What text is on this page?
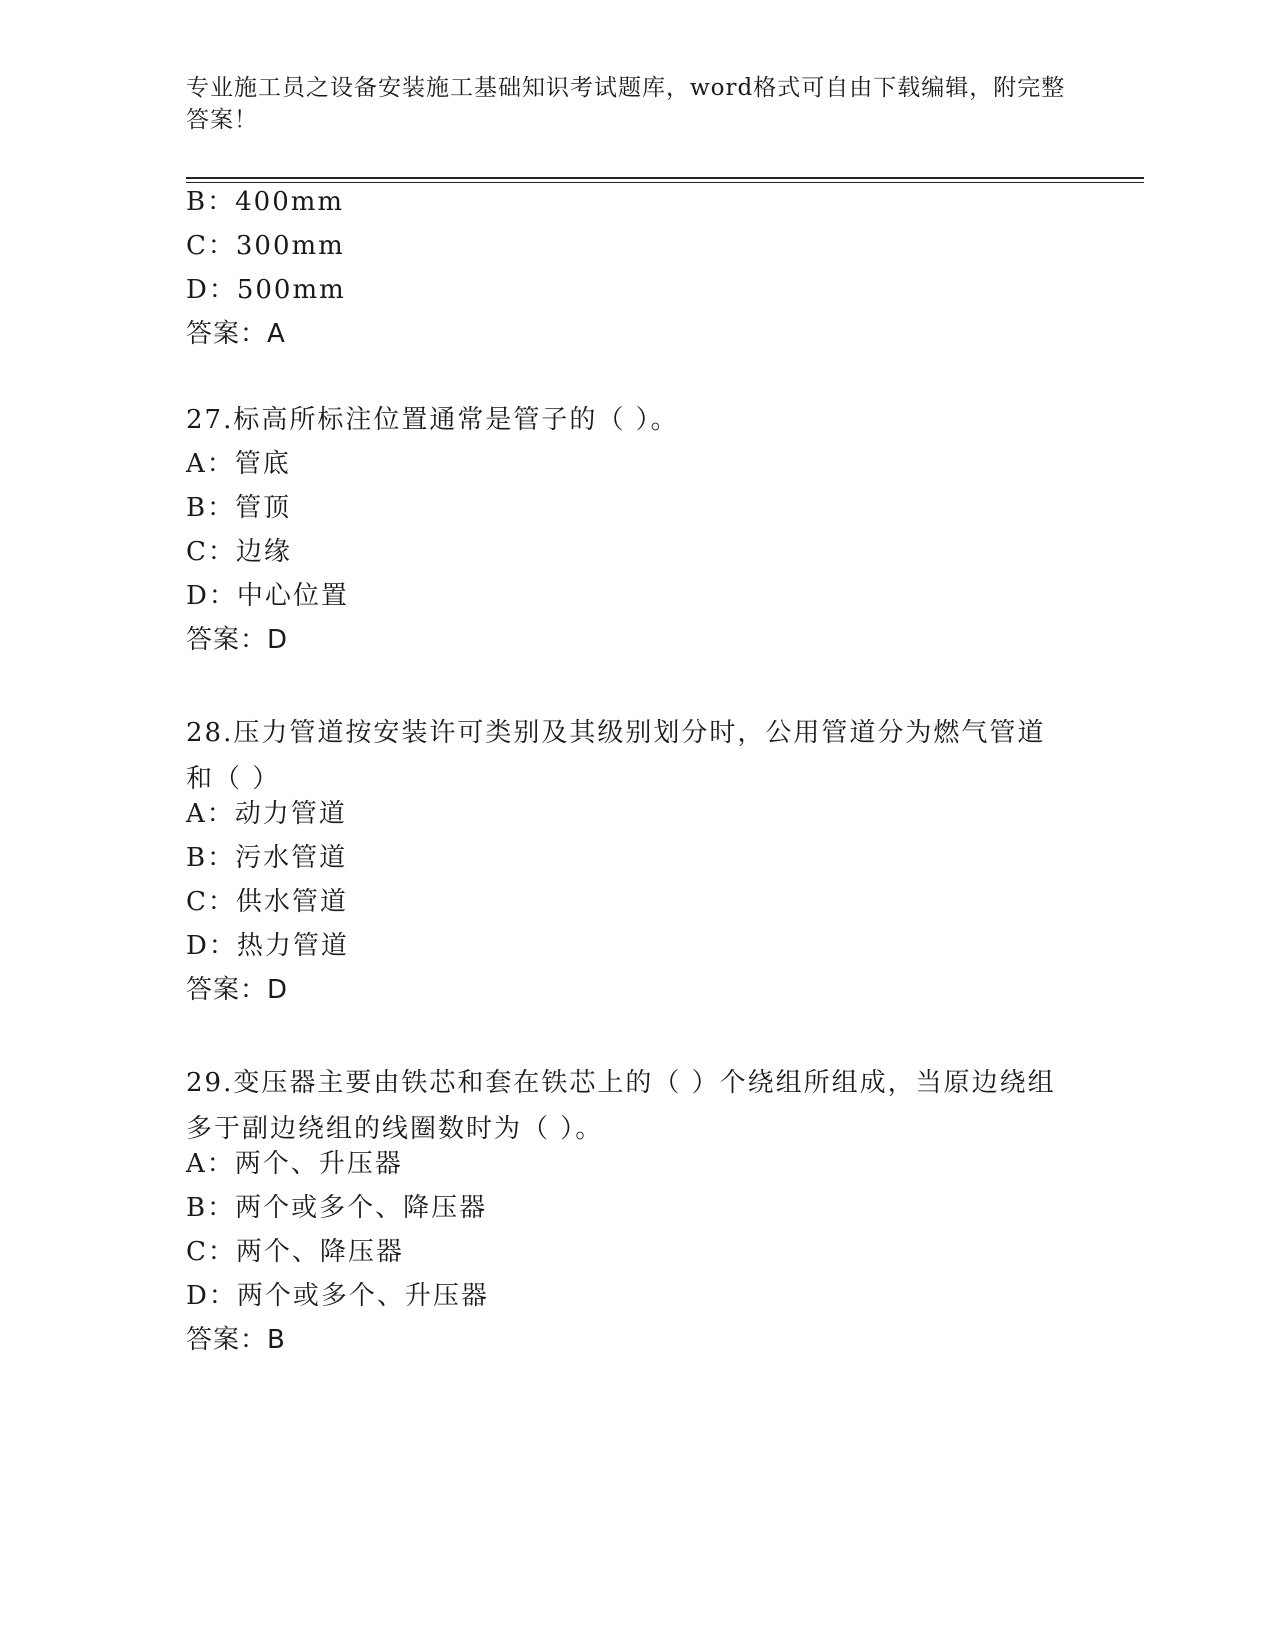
专业施工员之设备安装施工基础知识考试题库，word格式可自由下载编辑，附完整答案！
B：400mm
C：300mm
D：500mm
答案：A
27.标高所标注位置通常是管子的（ ）。
A：管底
B：管顶
C：边缘
D：中心位置
答案：D
28.压力管道按安装许可类别及其级别划分时，公用管道分为燃气管道和（ ）
A：动力管道
B：污水管道
C：供水管道
D：热力管道
答案：D
29.变压器主要由铁芯和套在铁芯上的（ ）个绕组所组成，当原边绕组多于副边绕组的线圈数时为（ ）。
A：两个、升压器
B：两个或多个、降压器
C：两个、降压器
D：两个或多个、升压器
答案：B
